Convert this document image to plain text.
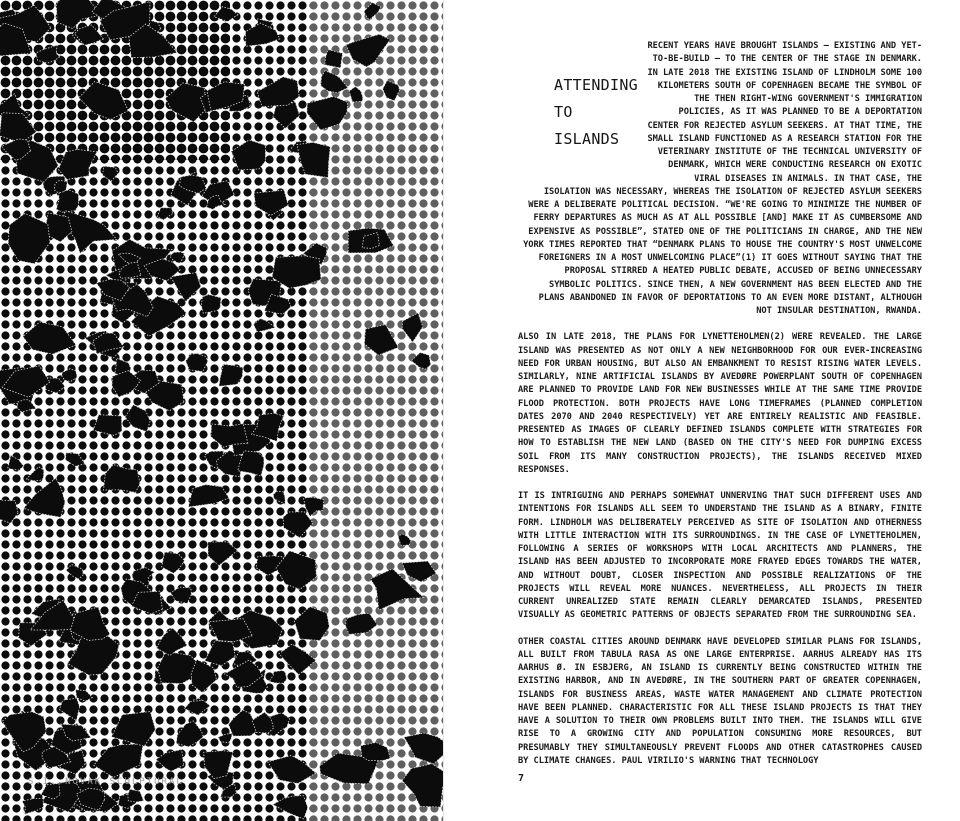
S.I. NOVAK SCULPTURAL
ATTENDING
TO
ISLANDS

RECENT YEARS HAVE BROUGHT ISLANDS – EXISTING AND YET-TO-BE-BUILD – TO THE CENTER OF THE STAGE IN DENMARK. IN LATE 2018 THE EXISTING ISLAND OF LINDHOLM SOME 100 KILOMETERS SOUTH OF COPENHAGEN BECAME THE SYMBOL OF THE THEN RIGHT-WING GOVERNMENT'S IMMIGRATION POLICIES, AS IT WAS PLANNED TO BE A DEPORTATION CENTER FOR REJECTED ASYLUM SEEKERS. AT THAT TIME, THE SMALL ISLAND FUNCTIONED AS A RESEARCH STATION FOR THE VETERINARY INSTITUTE OF THE TECHNICAL UNIVERSITY OF DENMARK, WHICH WERE CONDUCTING RESEARCH ON EXOTIC VIRAL DISEASES IN ANIMALS. IN THAT CASE, THE ISOLATION WAS NECESSARY, WHEREAS THE ISOLATION OF REJECTED ASYLUM SEEKERS WERE A DELIBERATE POLITICAL DECISION. “WE'RE GOING TO MINIMIZE THE NUMBER OF FERRY DEPARTURES AS MUCH AS AT ALL POSSIBLE [AND] MAKE IT AS CUMBERSOME AND EXPENSIVE AS POSSIBLE”, STATED ONE OF THE POLITICIANS IN CHARGE, AND THE NEW YORK TIMES REPORTED THAT “DENMARK PLANS TO HOUSE THE COUNTRY'S MOST UNWELCOME FOREIGNERS IN A MOST UNWELCOMING PLACE”(1) IT GOES WITHOUT SAYING THAT THE PROPOSAL STIRRED A HEATED PUBLIC DEBATE, ACCUSED OF BEING UNNECESSARY SYMBOLIC POLITICS. SINCE THEN, A NEW GOVERNMENT HAS BEEN ELECTED AND THE PLANS ABANDONED IN FAVOR OF DEPORTATIONS TO AN EVEN MORE DISTANT, ALTHOUGH NOT INSULAR DESTINATION, RWANDA.

ALSO IN LATE 2018, THE PLANS FOR LYNETTEHOLMEN(2) WERE REVEALED. THE LARGE ISLAND WAS PRESENTED AS NOT ONLY A NEW NEIGHBORHOOD FOR OUR EVER-INCREASING NEED FOR URBAN HOUSING, BUT ALSO AN EMBANKMENT TO RESIST RISING WATER LEVELS. SIMILARLY, NINE ARTIFICIAL ISLANDS BY AVEDØRE POWERPLANT SOUTH OF COPENHAGEN ARE PLANNED TO PROVIDE LAND FOR NEW BUSINESSES WHILE AT THE SAME TIME PROVIDE FLOOD PROTECTION. BOTH PROJECTS HAVE LONG TIMEFRAMES (PLANNED COMPLETION DATES 2070 AND 2040 RESPECTIVELY) YET ARE ENTIRELY REALISTIC AND FEASIBLE. PRESENTED AS IMAGES OF CLEARLY DEFINED ISLANDS COMPLETE WITH STRATEGIES FOR HOW TO ESTABLISH THE NEW LAND (BASED ON THE CITY'S NEED FOR DUMPING EXCESS SOIL FROM ITS MANY CONSTRUCTION PROJECTS), THE ISLANDS RECEIVED MIXED RESPONSES.

IT IS INTRIGUING AND PERHAPS SOMEWHAT UNNERVING THAT SUCH DIFFERENT USES AND INTENTIONS FOR ISLANDS ALL SEEM TO UNDERSTAND THE ISLAND AS A BINARY, FINITE FORM. LINDHOLM WAS DELIBERATELY PERCEIVED AS SITE OF ISOLATION AND OTHERNESS WITH LITTLE INTERACTION WITH ITS SURROUNDINGS. IN THE CASE OF LYNETTEHOLMEN, FOLLOWING A SERIES OF WORKSHOPS WITH LOCAL ARCHITECTS AND PLANNERS, THE ISLAND HAS BEEN ADJUSTED TO INCORPORATE MORE FRAYED EDGES TOWARDS THE WATER, AND WITHOUT DOUBT, CLOSER INSPECTION AND POSSIBLE REALIZATIONS OF THE PROJECTS WILL REVEAL MORE NUANCES. NEVERTHELESS, ALL PROJECTS IN THEIR CURRENT UNREALIZED STATE REMAIN CLEARLY DEMARCATED ISLANDS, PRESENTED VISUALLY AS GEOMETRIC PATTERNS OF OBJECTS SEPARATED FROM THE SURROUNDING SEA.

OTHER COASTAL CITIES AROUND DENMARK HAVE DEVELOPED SIMILAR PLANS FOR ISLANDS, ALL BUILT FROM TABULA RASA AS ONE LARGE ENTERPRISE. AARHUS ALREADY HAS ITS AARHUS Ø. IN ESBJERG, AN ISLAND IS CURRENTLY BEING CONSTRUCTED WITHIN THE EXISTING HARBOR, AND IN AVEDØRE, IN THE SOUTHERN PART OF GREATER COPENHAGEN, ISLANDS FOR BUSINESS AREAS, WASTE WATER MANAGEMENT AND CLIMATE PROTECTION HAVE BEEN PLANNED. CHARACTERISTIC FOR ALL THESE ISLAND PROJECTS IS THAT THEY HAVE A SOLUTION TO THEIR OWN PROBLEMS BUILT INTO THEM. THE ISLANDS WILL GIVE RISE TO A GROWING CITY AND POPULATION CONSUMING MORE RESOURCES, BUT PRESUMABLY THEY SIMULTANEOUSLY PREVENT FLOODS AND OTHER CATASTROPHES CAUSED BY CLIMATE CHANGES. PAUL VIRILIO'S WARNING THAT TECHNOLOGY

7
